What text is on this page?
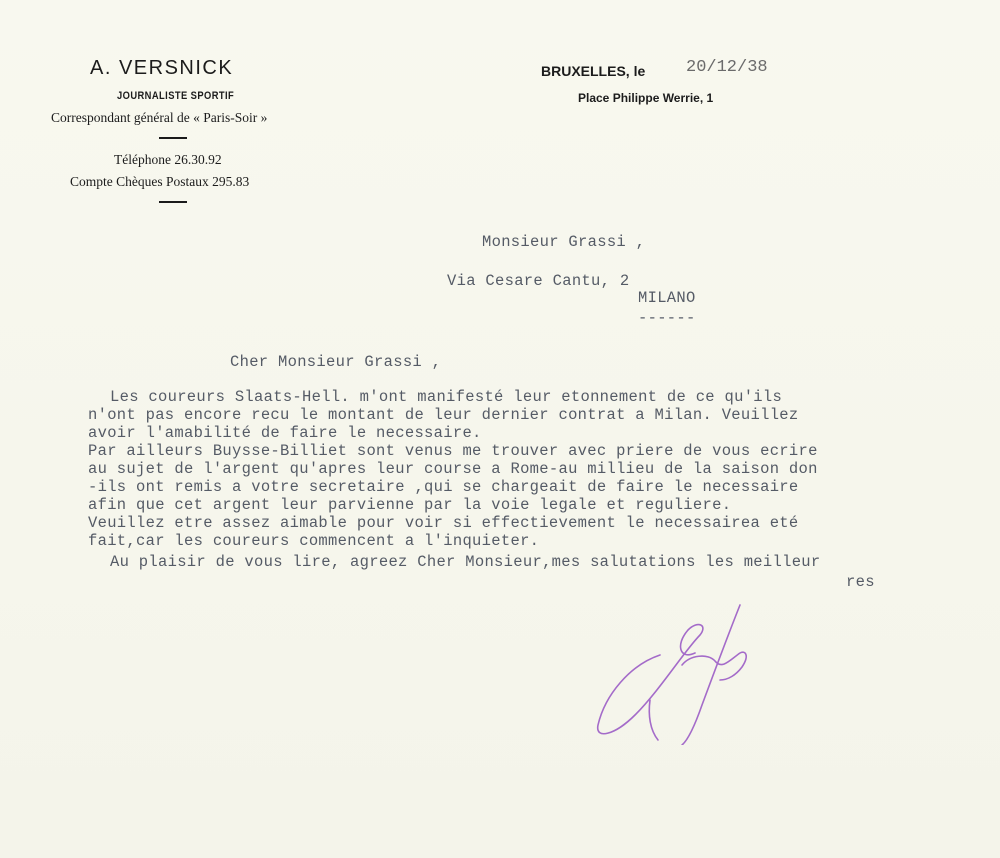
A. VERSNICK
JOURNALISTE SPORTIF
Correspondant général de « Paris-Soir »
Téléphone 26.30.92
Compte Chèques Postaux 295.83
BRUXELLES, le 20/12/38
Place Philippe Werrie, 1
Monsieur Grassi ,
Via Cesare Cantu, 2
MILANO
------
Cher Monsieur Grassi ,
Les coureurs Slaats-Hell. m'ont manifesté leur etonnement de ce qu'ils
n'ont pas encore recu le montant de leur dernier contrat a Milan. Veuillez
avoir l'amabilité de faire le necessaire.
Par ailleurs Buysse-Billiet sont venus me trouver avec priere de vous ecrire
au sujet de l'argent qu'apres leur course a Rome-au millieu de la saison don
-ils ont remis a votre secretaire ,qui se chargeait de faire le necessaire
afin que cet argent leur parvienne par la voie legale et reguliere.
Veuillez etre assez aimable pour voir si effectievement le necessairea eté
fait,car les coureurs commencent a l'inquieter.
Au plaisir de vous lire, agreez Cher Monsieur,mes salutations les meilleur
res
